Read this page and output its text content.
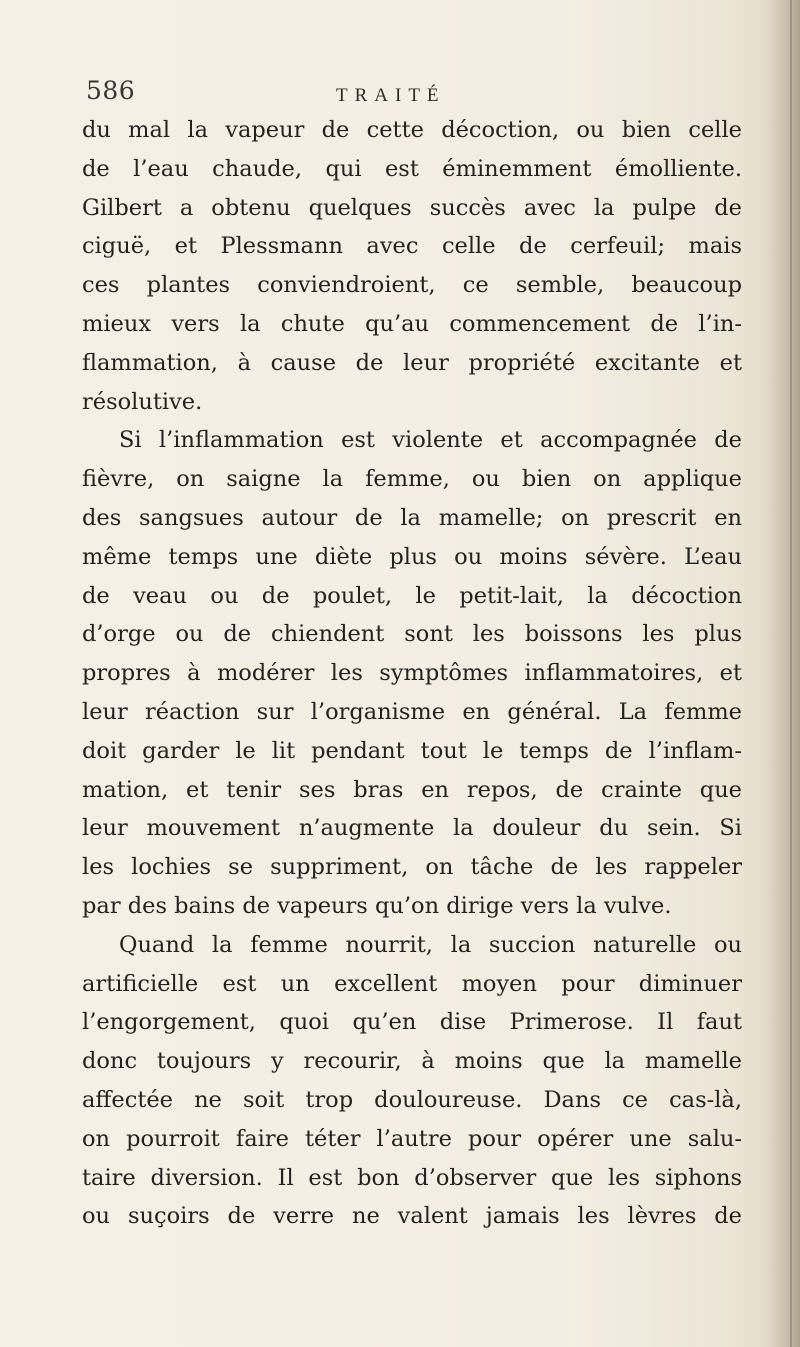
586	TRAITÉ
du mal la vapeur de cette décoction, ou bien celle
de l’eau chaude, qui est éminemment émolliente.
Gilbert a obtenu quelques succès avec la pulpe de
ciguë, et Plessmann avec celle de cerfeuil; mais
ces plantes conviendroient, ce semble, beaucoup
mieux vers la chute qu’au commencement de l’in-
flammation, à cause de leur propriété excitante et
résolutive.
Si l’inflammation est violente et accompagnée de
fièvre, on saigne la femme, ou bien on applique
des sangsues autour de la mamelle; on prescrit en
même temps une diète plus ou moins sévère. L’eau
de veau ou de poulet, le petit-lait, la décoction
d’orge ou de chiendent sont les boissons les plus
propres à modérer les symptômes inflammatoires, et
leur réaction sur l’organisme en général. La femme
doit garder le lit pendant tout le temps de l’inflam-
mation, et tenir ses bras en repos, de crainte que
leur mouvement n’augmente la douleur du sein. Si
les lochies se suppriment, on tâche de les rappeler
par des bains de vapeurs qu’on dirige vers la vulve.
Quand la femme nourrit, la succion naturelle ou
artificielle est un excellent moyen pour diminuer
l’engorgement, quoi qu’en dise Primerose. Il faut
donc toujours y recourir, à moins que la mamelle
affectée ne soit trop douloureuse. Dans ce cas-là,
on pourroit faire téter l’autre pour opérer une salu-
taire diversion. Il est bon d’observer que les siphons
ou suçoirs de verre ne valent jamais les lèvres de
